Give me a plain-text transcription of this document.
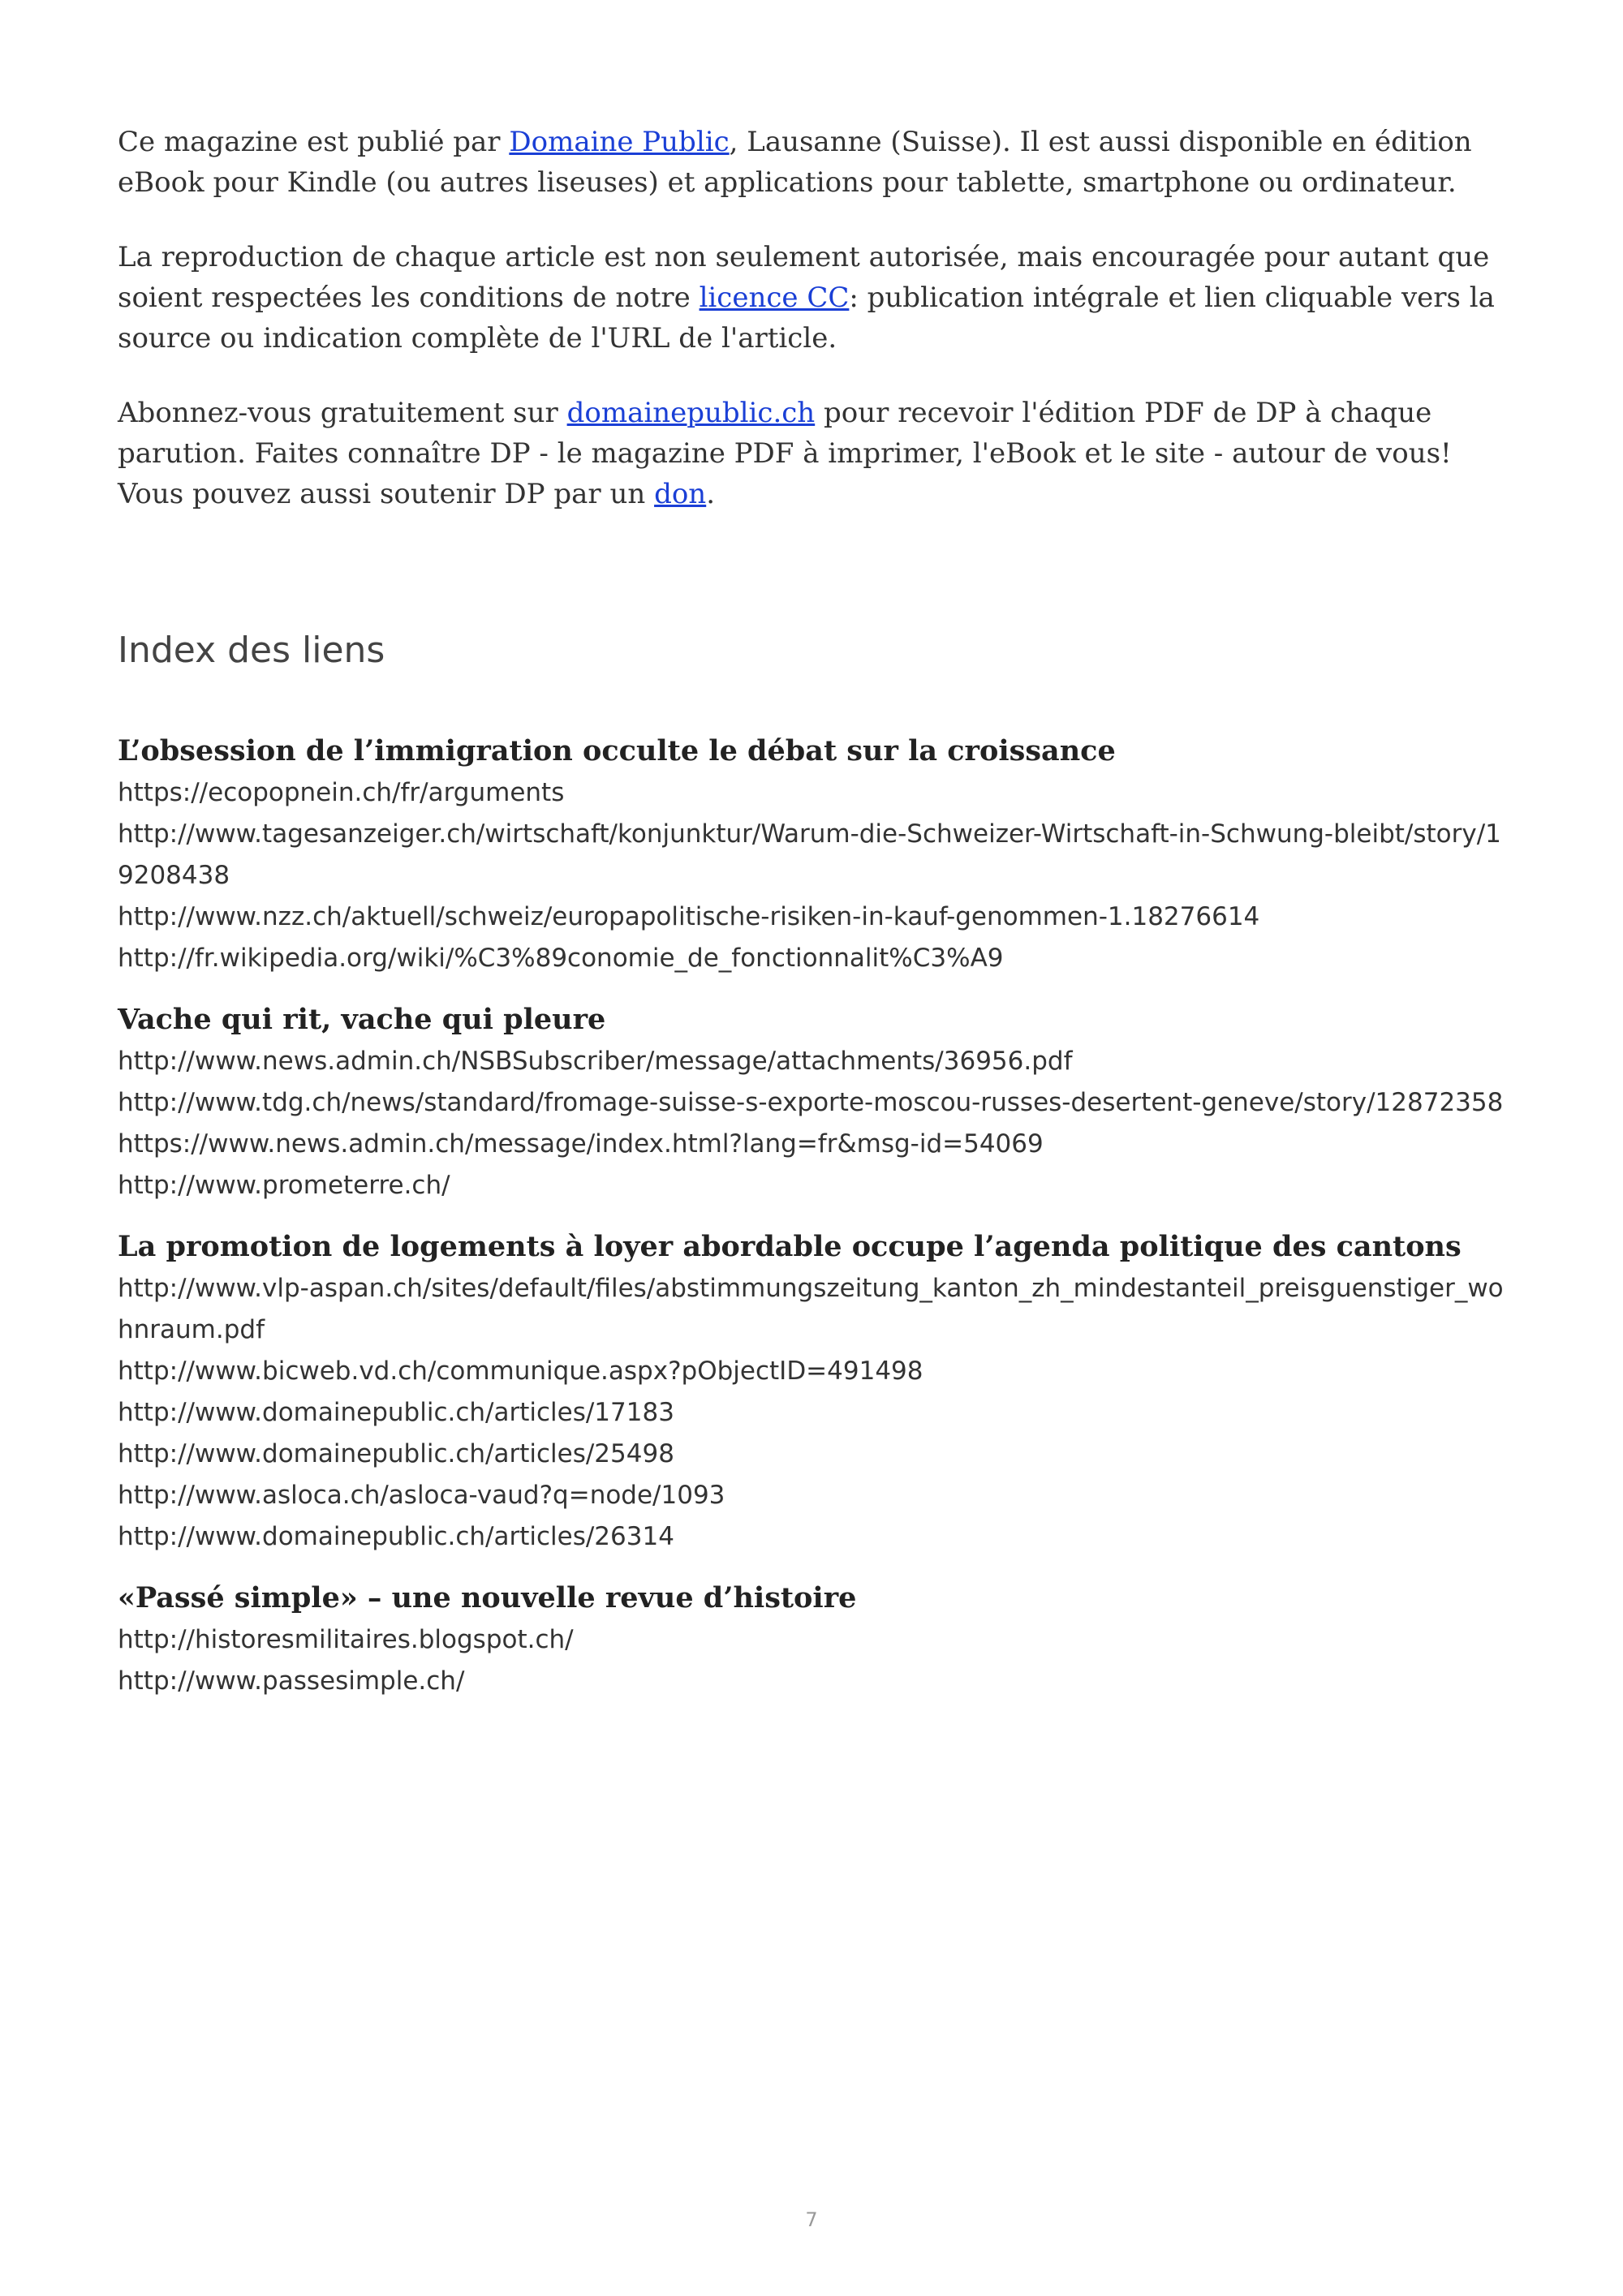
Ce magazine est publié par Domaine Public, Lausanne (Suisse). Il est aussi disponible en édition eBook pour Kindle (ou autres liseuses) et applications pour tablette, smartphone ou ordinateur.

La reproduction de chaque article est non seulement autorisée, mais encouragée pour autant que soient respectées les conditions de notre licence CC: publication intégrale et lien cliquable vers la source ou indication complète de l'URL de l'article.

Abonnez-vous gratuitement sur domainepublic.ch pour recevoir l'édition PDF de DP à chaque parution. Faites connaître DP - le magazine PDF à imprimer, l'eBook et le site - autour de vous! Vous pouvez aussi soutenir DP par un don.

Index des liens
L’obsession de l’immigration occulte le débat sur la croissance
https://ecopopnein.ch/fr/arguments
http://www.tagesanzeiger.ch/wirtschaft/konjunktur/Warum-die-Schweizer-Wirtschaft-in-Schwung-bleibt/story/19208438
http://www.nzz.ch/aktuell/schweiz/europapolitische-risiken-in-kauf-genommen-1.18276614
http://fr.wikipedia.org/wiki/%C3%89conomie_de_fonctionnalit%C3%A9
Vache qui rit, vache qui pleure
http://www.news.admin.ch/NSBSubscriber/message/attachments/36956.pdf
http://www.tdg.ch/news/standard/fromage-suisse-s-exporte-moscou-russes-desertent-geneve/story/12872358
https://www.news.admin.ch/message/index.html?lang=fr&msg-id=54069
http://www.prometerre.ch/
La promotion de logements à loyer abordable occupe l’agenda politique des cantons
http://www.vlp-aspan.ch/sites/default/files/abstimmungszeitung_kanton_zh_mindestanteil_preisguenstiger_wohnraum.pdf
http://www.bicweb.vd.ch/communique.aspx?pObjectID=491498
http://www.domainepublic.ch/articles/17183
http://www.domainepublic.ch/articles/25498
http://www.asloca.ch/asloca-vaud?q=node/1093
http://www.domainepublic.ch/articles/26314
«Passé simple» – une nouvelle revue d’histoire
http://historesmilitaires.blogspot.ch/
http://www.passesimple.ch/
7
